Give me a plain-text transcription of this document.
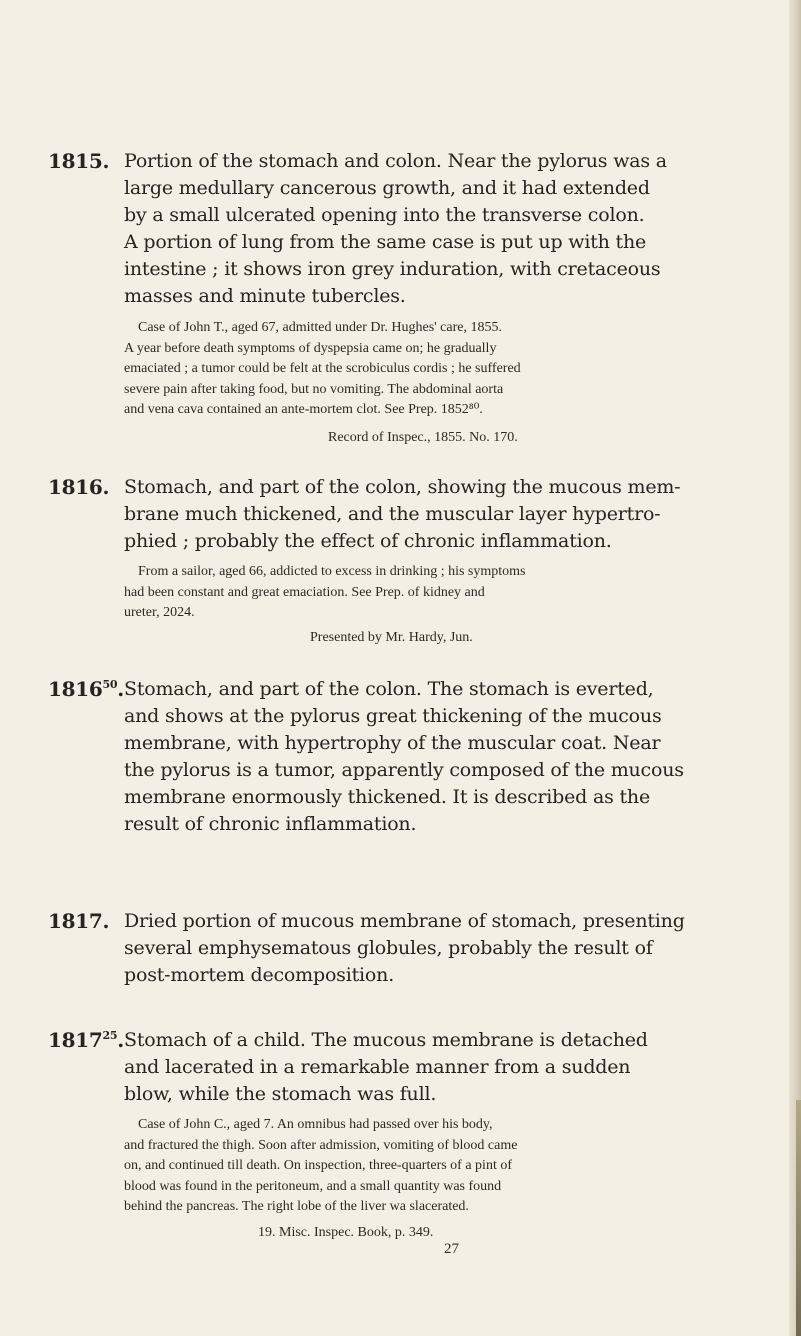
1815. Portion of the stomach and colon. Near the pylorus was a
large medullary cancerous growth, and it had extended
by a small ulcerated opening into the transverse colon.
A portion of lung from the same case is put up with the
intestine ; it shows iron grey induration, with cretaceous
masses and minute tubercles.
Case of John T., aged 67, admitted under Dr. Hughes' care, 1855.
A year before death symptoms of dyspepsia came on; he gradually
emaciated ; a tumor could be felt at the scrobiculus cordis ; he suffered
severe pain after taking food, but no vomiting. The abdominal aorta
and vena cava contained an ante-mortem clot. See Prep. 1852⁸⁰.
Record of Inspec., 1855. No. 170.
1816. Stomach, and part of the colon, showing the mucous mem-
brane much thickened, and the muscular layer hypertro-
phied ; probably the effect of chronic inflammation.
From a sailor, aged 66, addicted to excess in drinking ; his symptoms
had been constant and great emaciation. See Prep. of kidney and
ureter, 2024.
Presented by Mr. Hardy, Jun.
1816$^{50}$. Stomach, and part of the colon. The stomach is everted,
and shows at the pylorus great thickening of the mucous
membrane, with hypertrophy of the muscular coat. Near
the pylorus is a tumor, apparently composed of the mucous
membrane enormously thickened. It is described as the
result of chronic inflammation.
1817. Dried portion of mucous membrane of stomach, presenting
several emphysematous globules, probably the result of
post-mortem decomposition.
1817$^{25}$. Stomach of a child. The mucous membrane is detached
and lacerated in a remarkable manner from a sudden
blow, while the stomach was full.
Case of John C., aged 7. An omnibus had passed over his body,
and fractured the thigh. Soon after admission, vomiting of blood came
on, and continued till death. On inspection, three-quarters of a pint of
blood was found in the peritoneum, and a small quantity was found
behind the pancreas. The right lobe of the liver wa slacerated.
19. Misc. Inspec. Book, p. 349.
27
